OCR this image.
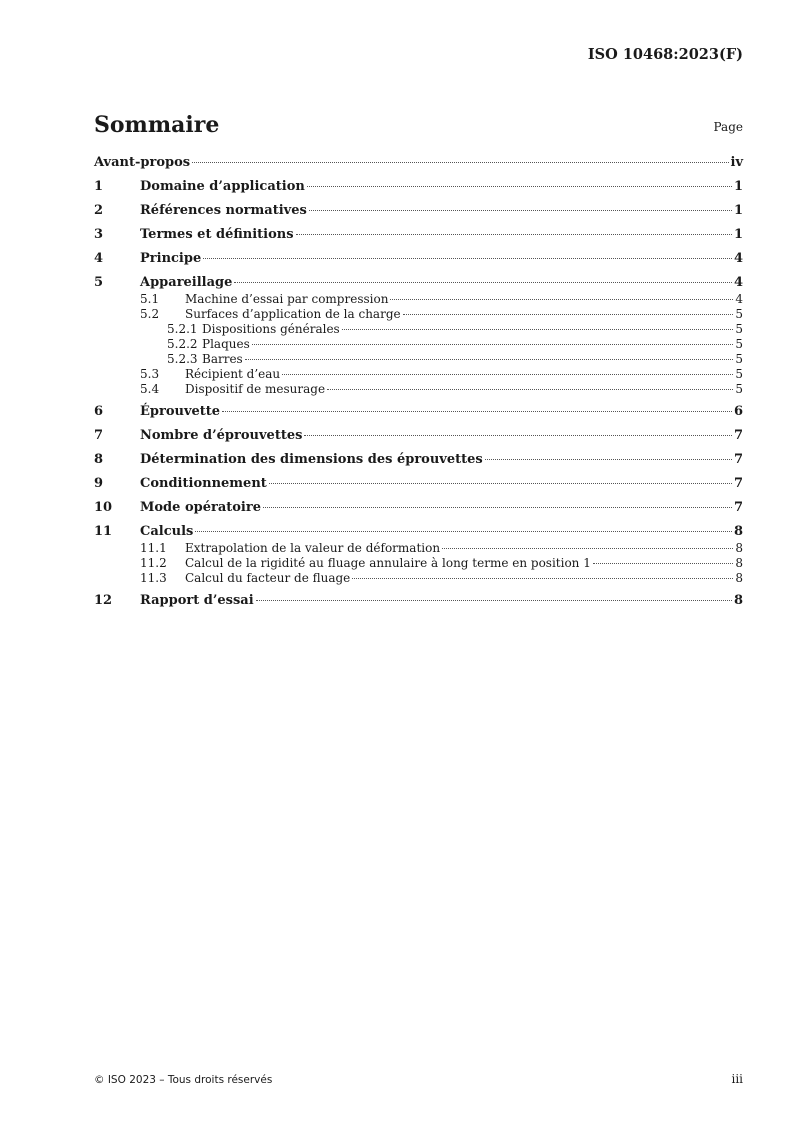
ISO 10468:2023(F)
Sommaire	Page
Avant-propos	iv
1	Domaine d’application	1
2	Références normatives	1
3	Termes et définitions	1
4	Principe	4
5	Appareillage	4
5.1	Machine d’essai par compression	4
5.2	Surfaces d’application de la charge	5
5.2.1 Dispositions générales	5
5.2.2 Plaques	5
5.2.3 Barres	5
5.3	Récipient d’eau	5
5.4	Dispositif de mesurage	5
6	Éprouvette	6
7	Nombre d’éprouvettes	7
8	Détermination des dimensions des éprouvettes	7
9	Conditionnement	7
10	Mode opératoire	7
11	Calculs	8
11.1	Extrapolation de la valeur de déformation	8
11.2	Calcul de la rigidité au fluage annulaire à long terme en position 1	8
11.3	Calcul du facteur de fluage	8
12	Rapport d’essai	8
© ISO 2023 – Tous droits réservés	iii
